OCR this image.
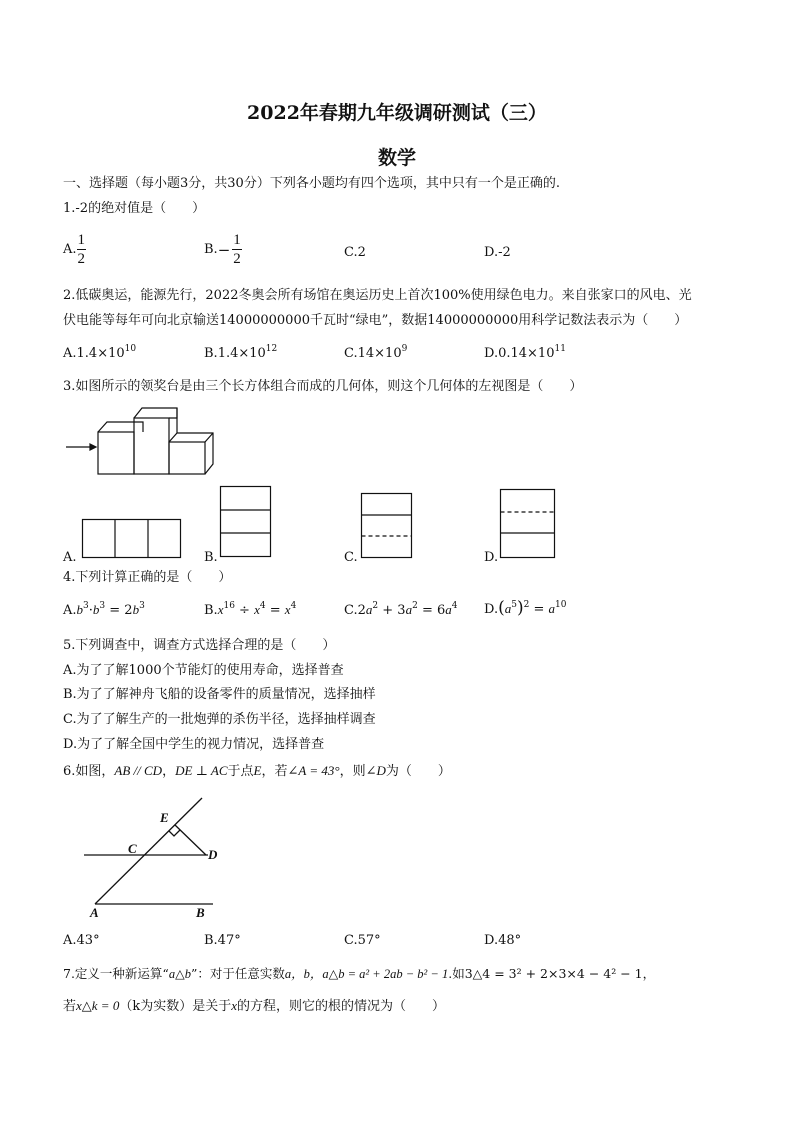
2022年春期九年级调研测试（三）
数学
一、选择题（每小题3分，共30分）下列各小题均有四个选项，其中只有一个是正确的.
1.-2的绝对值是（　　）
A. $\frac{1}{2}$	B. − $\frac{1}{2}$	C.2	D.-2
2.低碳奥运，能源先行，2022冬奥会所有场馆在奥运历史上首次100%使用绿色电力。来自张家口的风电、光
伏电能等每年可向北京输送14000000000千瓦时“绿电”，数据14000000000用科学记数法表示为（　　）
$A.1.4\times 10^{10}$	$B.1.4\times 10^{12}$	$C.14\times 10^9$	$D.0.14\times 10^{11}$
3.如图所示的领奖台是由三个长方体组合而成的几何体，则这个几何体的左视图是（　　）
A.	B.	C.	D.
4.下列计算正确的是（　　）
$A.b^3\cdot b^3 = 2b^3$	$B.x^{16} \div x^4 = x^4$	$C.2a^2 + 3a^2 = 6a^4$ $D.(a^5)^2 = a^{10}$
5.下列调查中，调查方式选择合理的是（　　）
A.为了了解1000个节能灯的使用寿命，选择普查
B.为了了解神舟飞船的设备零件的质量情况，选择抽样
C.为了了解生产的一批炮弹的杀伤半径，选择抽样调查
D.为了了解全国中学生的视力情况，选择普查
6.如图，AB // CD，DE ⊥ AC于点E，若∠A = 43°，则∠D为（　　）
E
C	D
A	B
A.43°	B.47°	C.57°	D.48°
7.定义一种新运算“a△b”：对于任意实数a，b，a△b = a² + 2ab − b² − 1.如3△4 = 3² + 2×3×4 − 4² − 1，
若x△k = 0（k为实数）是关于x的方程，则它的根的情况为（　　）
